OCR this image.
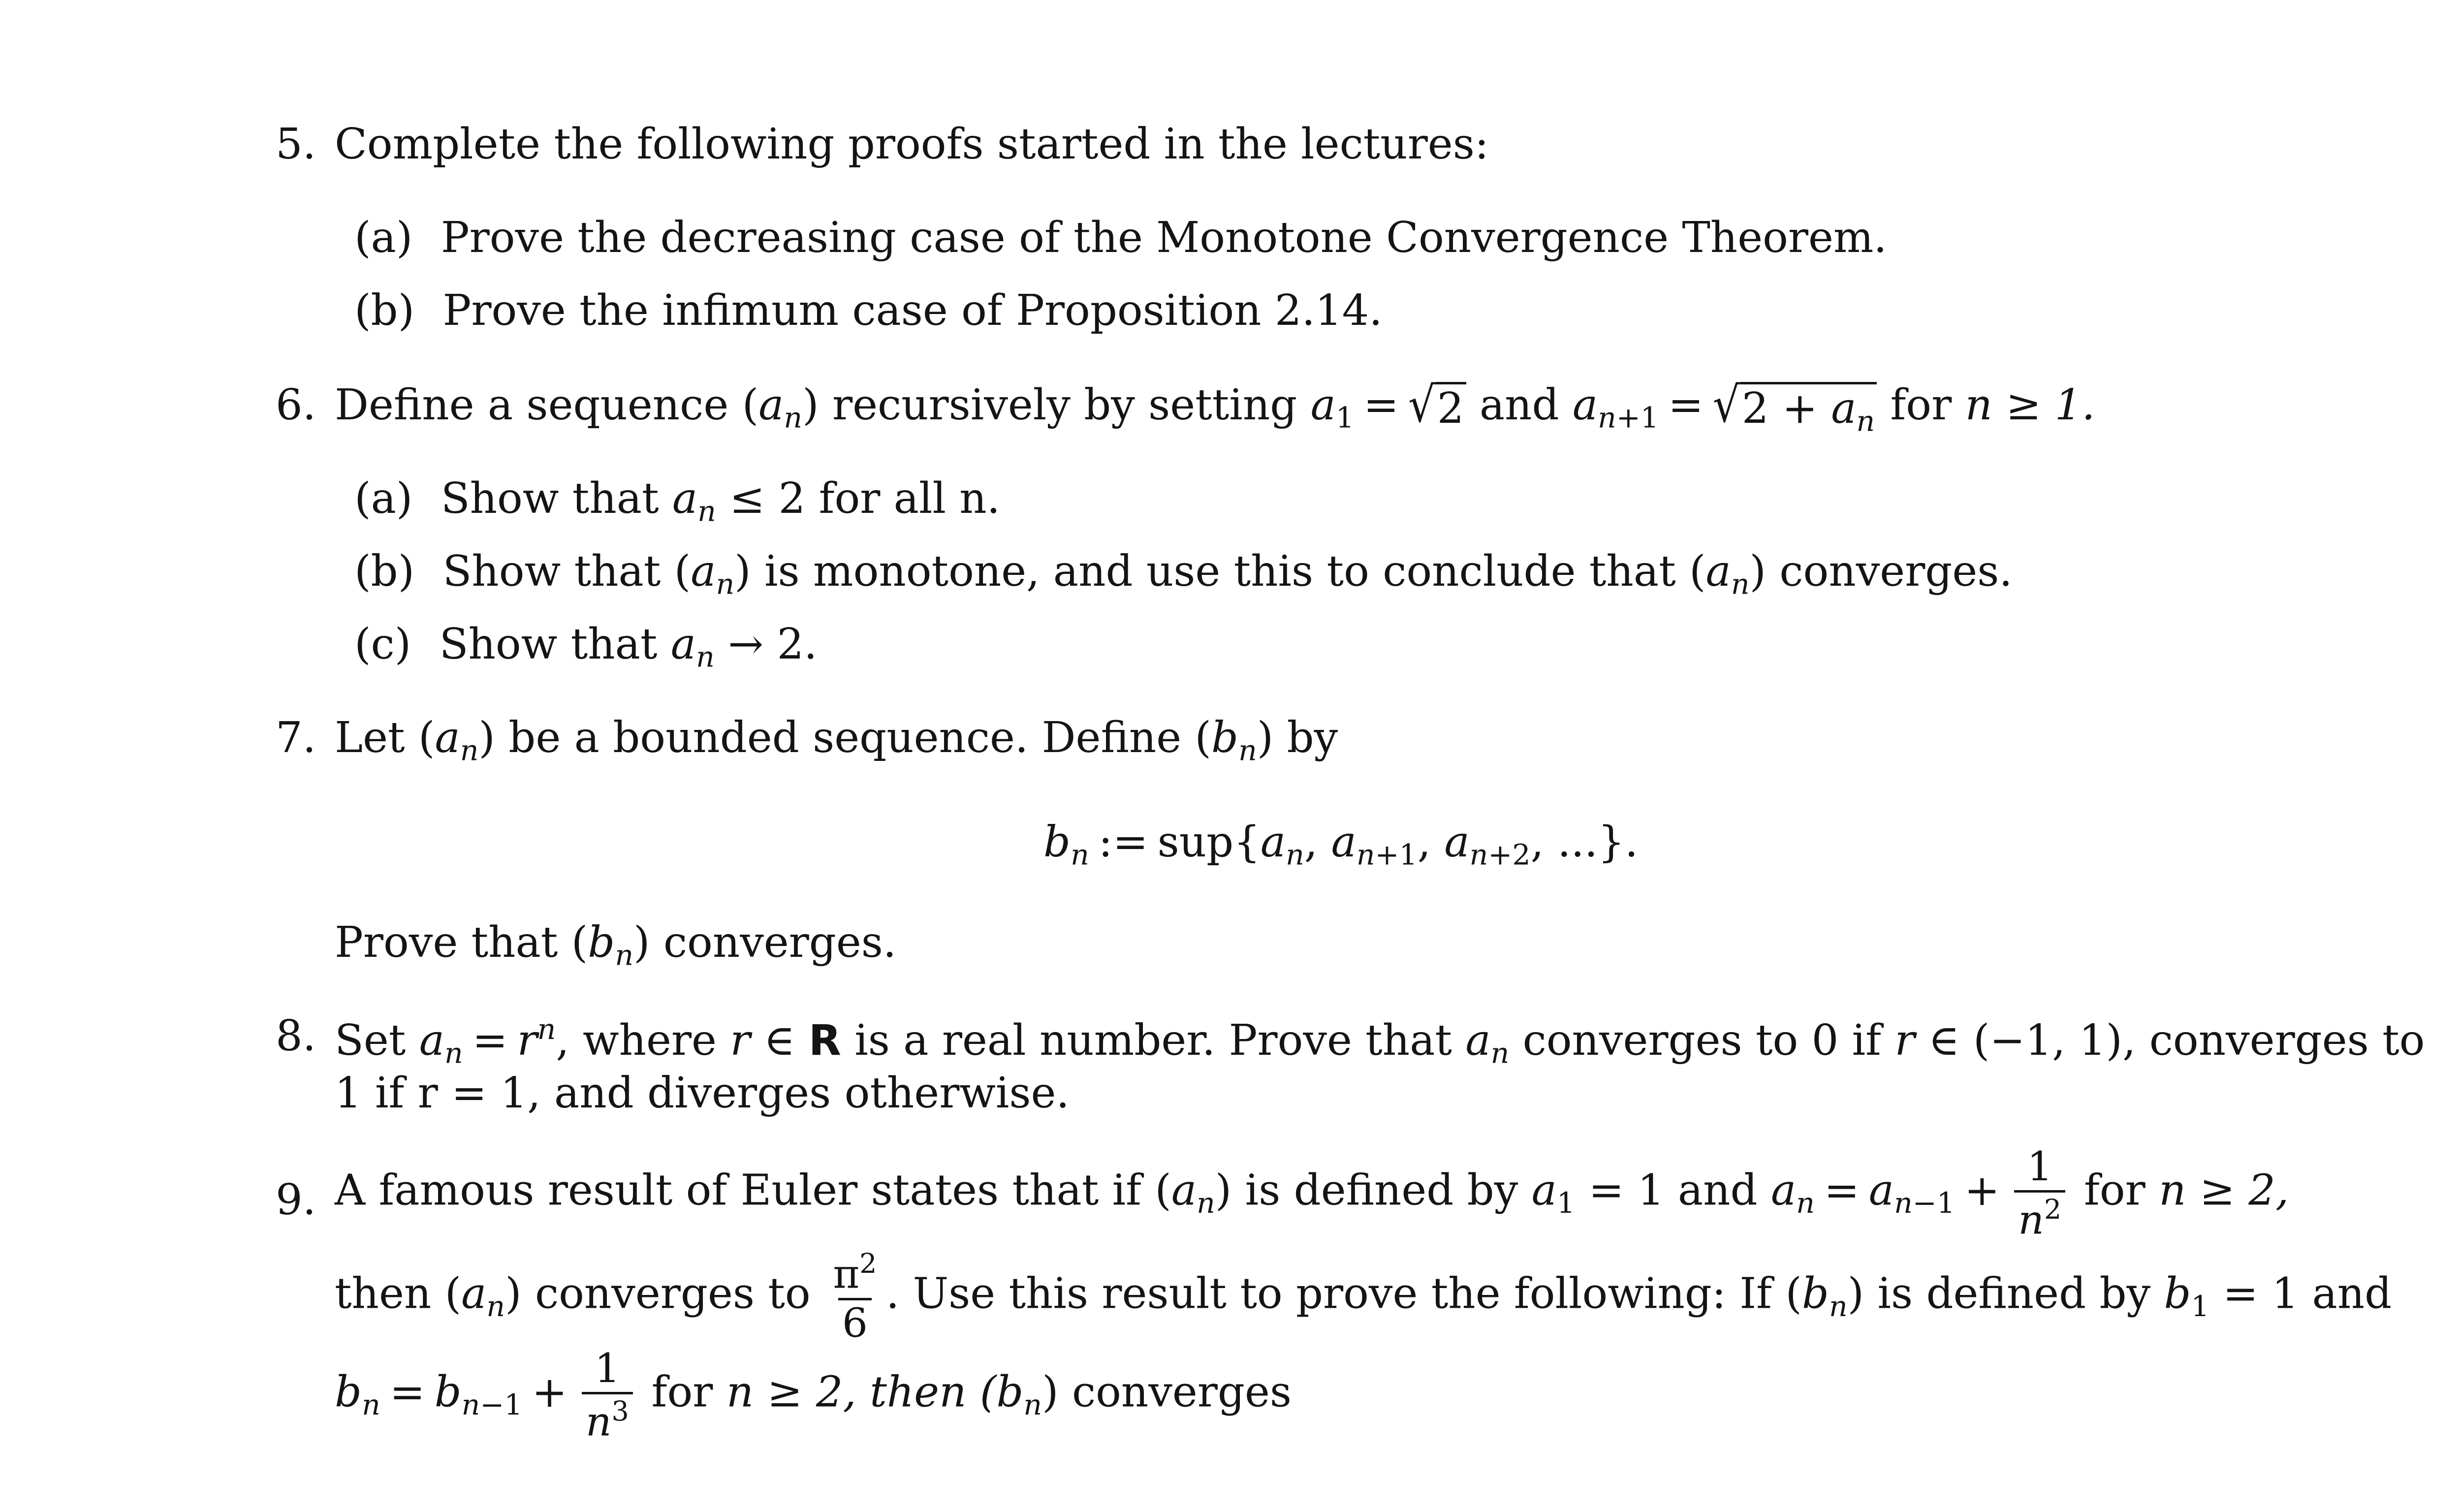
5. Complete the following proofs started in the lectures:
(a) Prove the decreasing case of the Monotone Convergence Theorem.
(b) Prove the infimum case of Proposition 2.14.
6. Define a sequence $(a_n)$ recursively by setting a1 = √ 2 and $a_n+1$ = √ $2 + a_n$ for n ≥ 1.
(a) Show that $a_n \le 2$ for all n.
(b) Show that $(a_n)$ is monotone, and use this to conclude that $(a_n)$ converges.
(c) Show that $a_n \to 2$.
7. Let $(a_n)$ be a bounded sequence. Define $(b_n)$ by
$b_n$ := $sup\{a_n$, $a_n+1$, $a_n+2$, ...}.
Prove that $(b_n)$ converges.
8. Set $a_n = r^n$, where r ∈ R is a real number. Prove that $a_n$ converges to 0 if r ∈ (−1, 1), converges to
1 if r = 1, and diverges otherwise.
9. A famous result of Euler states that if $(a_n)$ is defined by a1 = 1 and $a_n = a_n-1 + \frac{1}{n^2}$ for n ≥ 2,
then $(a_n)$ converges to $\frac{\pi^2}{6}$ . Use this result to prove the following: If $(b_n)$ is defined by b1 = 1 and
$b_n = b_n-1 + \frac{1}{n^3}$ for n ≥ 2, then $(b_n)$ converges
